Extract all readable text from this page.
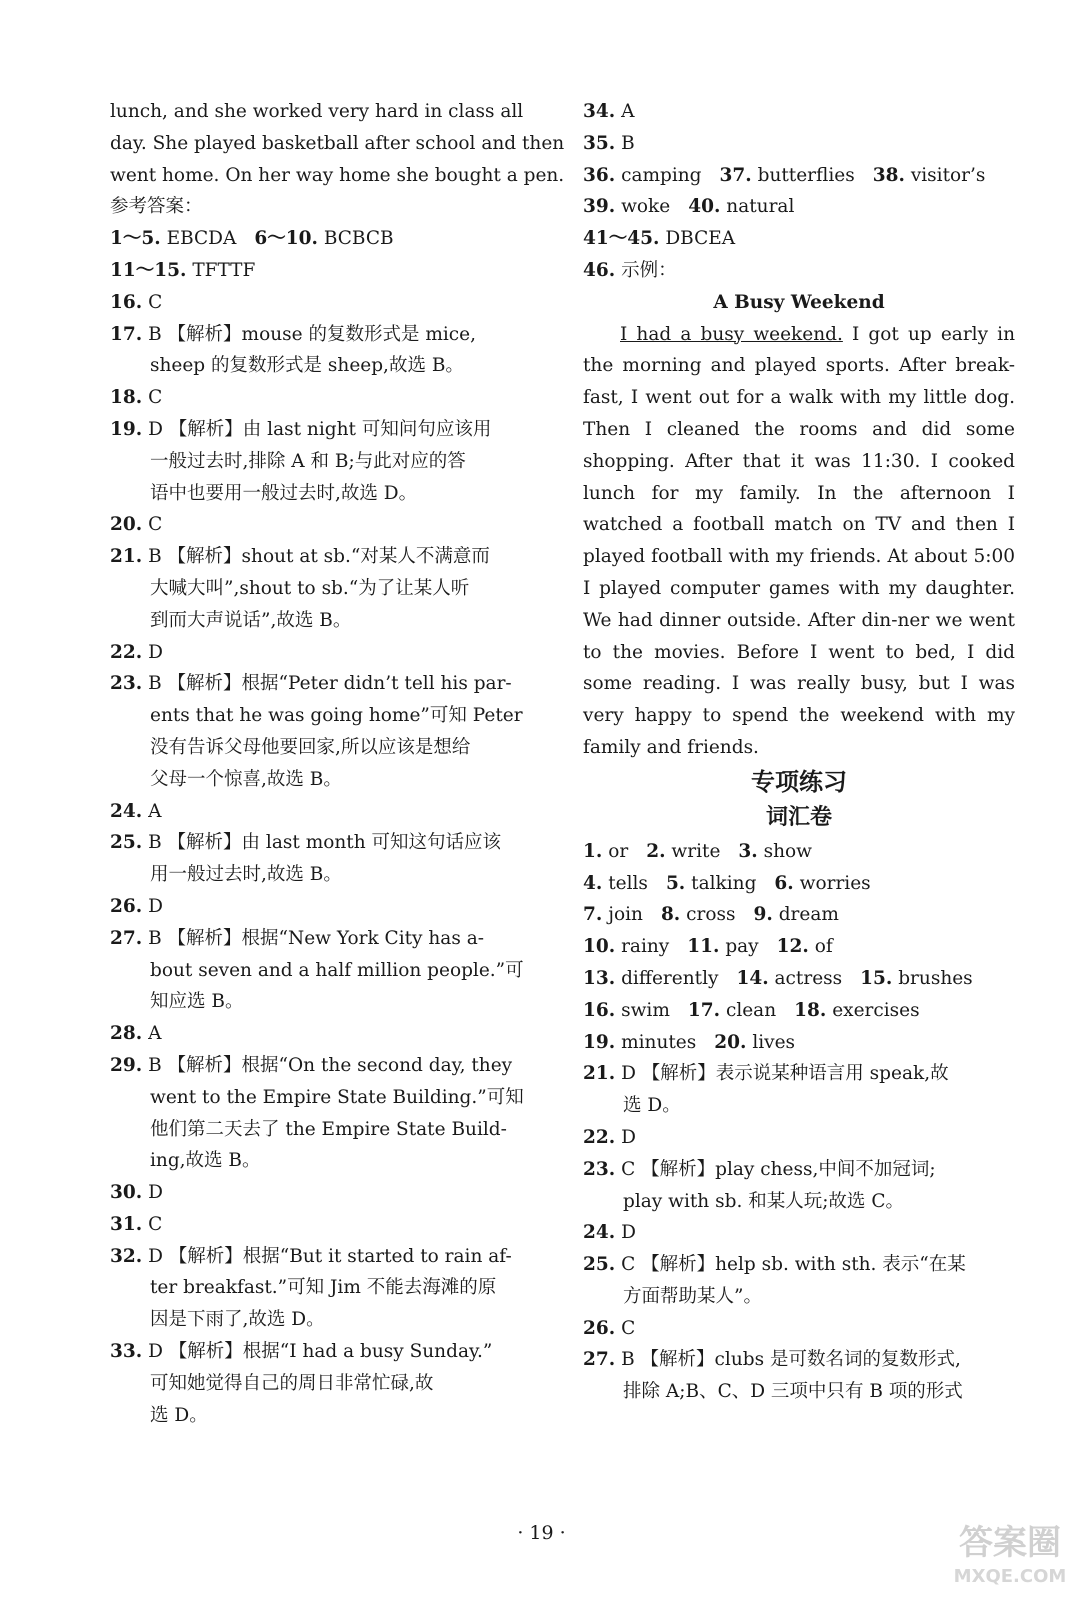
lunch, and she worked very hard in class all
day. She played basketball after school and then
went home. On her way home she bought a pen.
参考答案：
1～5. EBCDA 6～10. BCBCB
11～15. TFTTF
16. C
17. B 【解析】mouse 的复数形式是 mice,
sheep 的复数形式是 sheep,故选 B。
18. C
19. D 【解析】由 last night 可知问句应该用
一般过去时,排除 A 和 B;与此对应的答
语中也要用一般过去时,故选 D。
20. C
21. B 【解析】shout at sb.“对某人不满意而
大喊大叫”,shout to sb.“为了让某人听
到而大声说话”,故选 B。
22. D
23. B 【解析】根据“Peter didn’t tell his par-
ents that he was going home”可知 Peter
没有告诉父母他要回家,所以应该是想给
父母一个惊喜,故选 B。
24. A
25. B 【解析】由 last month 可知这句话应该
用一般过去时,故选 B。
26. D
27. B 【解析】根据“New York City has a-
bout seven and a half million people.”可
知应选 B。
28. A
29. B 【解析】根据“On the second day, they
went to the Empire State Building.”可知
他们第二天去了 the Empire State Build-
ing,故选 B。
30. D
31. C
32. D 【解析】根据“But it started to rain af-
ter breakfast.”可知 Jim 不能去海滩的原
因是下雨了,故选 D。
33. D 【解析】根据“I had a busy Sunday.”
可知她觉得自己的周日非常忙碌,故
选 D。
34. A
35. B
36. camping 37. butterflies 38. visitor’s
39. woke 40. natural
41～45. DBCEA
46. 示例：
A Busy Weekend

I had a busy weekend. I got up early in the morning and played sports. After break-fast, I went out for a walk with my little dog. Then I cleaned the rooms and did some shopping. After that it was 11:30. I cooked lunch for my family. In the afternoon I watched a football match on TV and then I played football with my friends. At about 5:00 I played computer games with my daughter. We had dinner outside. After din-ner we went to the movies. Before I went to bed, I did some reading. I was really busy, but I was very happy to spend the weekend with my family and friends.

专项练习
词汇卷
1. or 2. write 3. show
4. tells 5. talking 6. worries
7. join 8. cross 9. dream
10. rainy 11. pay 12. of
13. differently 14. actress 15. brushes
16. swim 17. clean 18. exercises
19. minutes 20. lives
21. D 【解析】表示说某种语言用 speak,故
选 D。
22. D
23. C 【解析】play chess,中间不加冠词;
play with sb. 和某人玩;故选 C。
24. D
25. C 【解析】help sb. with sth. 表示“在某
方面帮助某人”。
26. C
27. B 【解析】clubs 是可数名词的复数形式,
排除 A;B、C、D 三项中只有 B 项的形式
· 19 ·	答案圈
MXQE.COM
